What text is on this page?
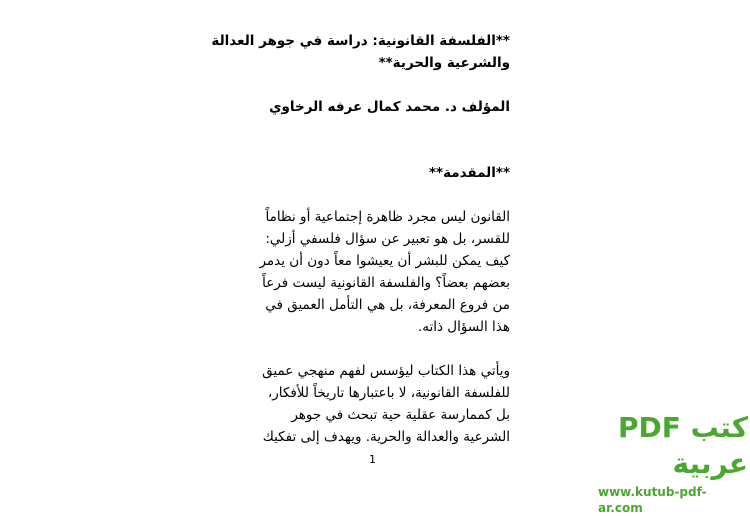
**الفلسفة القانونية: دراسة في جوهر العدالة
والشرعية والحرية**
المؤلف د. محمد كمال عرفه الرخاوي
**المقدمة**
القانون ليس مجرد ظاهرة إجتماعية أو نظاماً
للقسر، بل هو تعبير عن سؤال فلسفي أزلي:
كيف يمكن للبشر أن يعيشوا معاً دون أن يدمر
بعضهم بعضاً؟ والفلسفة القانونية ليست فرعاً
من فروع المعرفة، بل هي التأمل العميق في
هذا السؤال ذاته.
ويأتي هذا الكتاب ليؤسس لفهم منهجي عميق
للفلسفة القانونية، لا باعتبارها تاريخاً للأفكار،
بل كممارسة عقلية حية تبحث في جوهر
الشرعية والعدالة والحرية. ويهدف إلى تفكيك
1
كتب PDF عربية
www.kutub-pdf-ar.com
